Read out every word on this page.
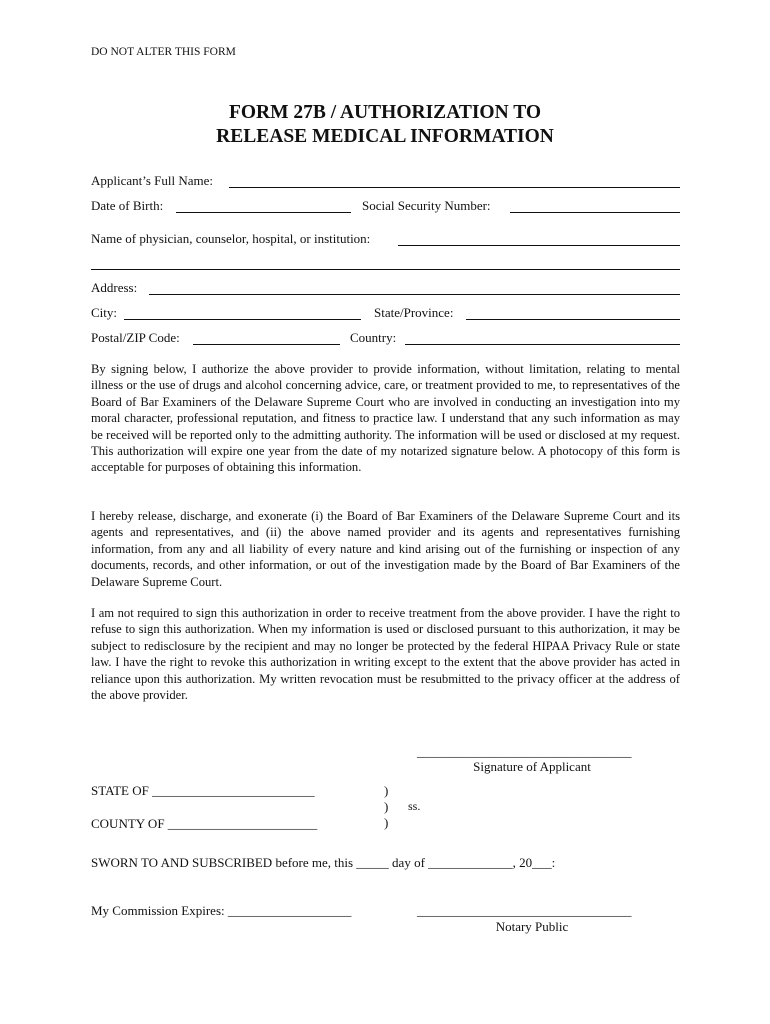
DO NOT ALTER THIS FORM
FORM 27B / AUTHORIZATION TO
RELEASE MEDICAL INFORMATION
Applicant’s Full Name:
Date of Birth:	Social Security Number:
Name of physician, counselor, hospital, or institution:
Address:
City:	State/Province:
Postal/ZIP Code:	Country:

By signing below, I authorize the above provider to provide information, without limitation, relating to mental illness or the use of drugs and alcohol concerning advice, care, or treatment provided to me, to representatives of the Board of Bar Examiners of the Delaware Supreme Court who are involved in conducting an investigation into my moral character, professional reputation, and fitness to practice law. I understand that any such information as may be received will be reported only to the admitting authority. The information will be used or disclosed at my request. This authorization will expire one year from the date of my notarized signature below. A photocopy of this form is acceptable for purposes of obtaining this information.

I hereby release, discharge, and exonerate (i) the Board of Bar Examiners of the Delaware Supreme Court and its agents and representatives, and (ii) the above named provider and its agents and representatives furnishing information, from any and all liability of every nature and kind arising out of the furnishing or inspection of any documents, records, and other information, or out of the investigation made by the Board of Bar Examiners of the Delaware Supreme Court.

I am not required to sign this authorization in order to receive treatment from the above provider. I have the right to refuse to sign this authorization. When my information is used or disclosed pursuant to this authorization, it may be subject to redisclosure by the recipient and may no longer be protected by the federal HIPAA Privacy Rule or state law. I have the right to revoke this authorization in writing except to the extent that the above provider has acted in reliance upon this authorization. My written revocation must be resubmitted to the privacy officer at the address of the above provider.

_________________________________
Signature of Applicant
STATE OF _________________________
COUNTY OF _______________________
)
)
)
ss.
SWORN TO AND SUBSCRIBED before me, this _____ day of _____________, 20___:
My Commission Expires: ___________________	_________________________________
Notary Public
